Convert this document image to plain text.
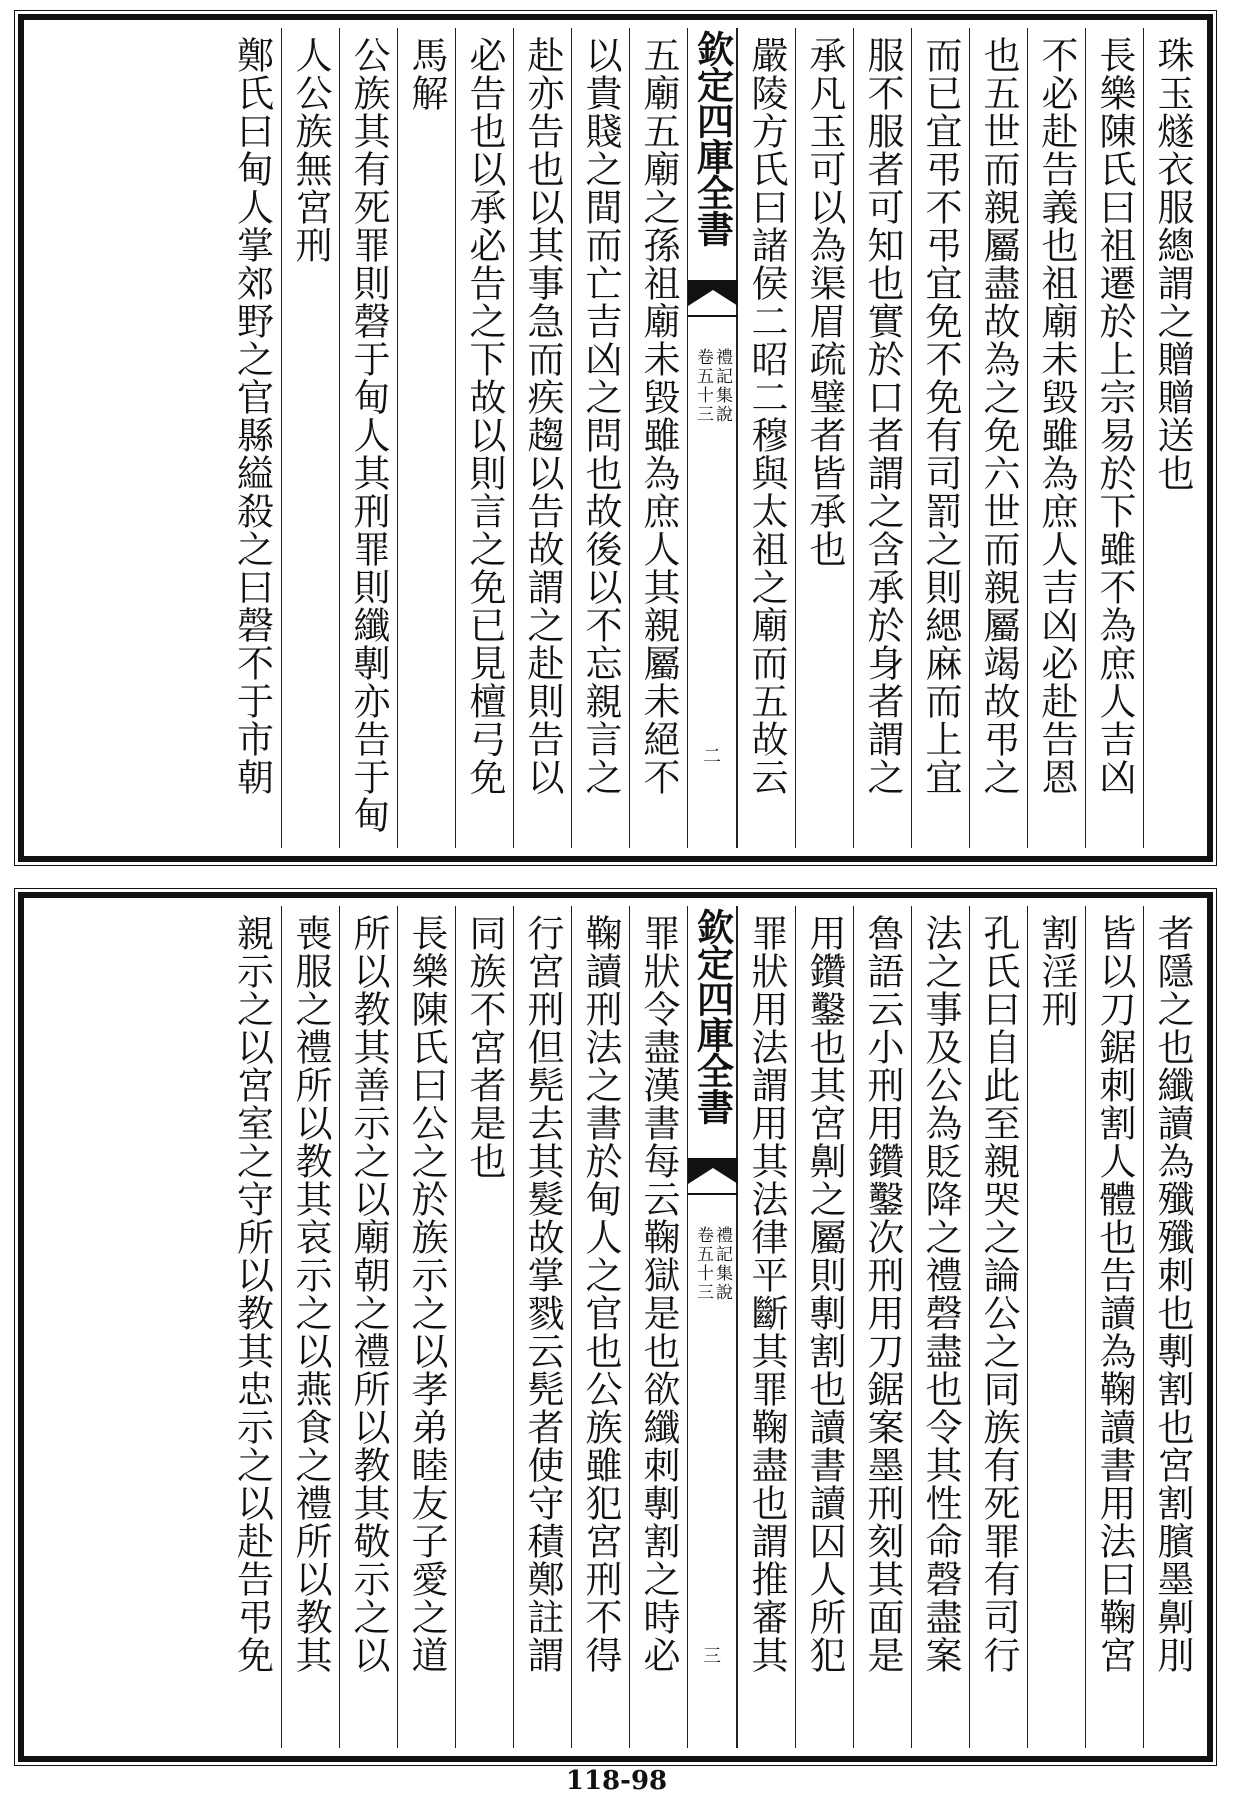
珠玉燧衣服總謂之贈贈送也
長樂陳氏曰祖遷於上宗易於下雖不為庶人吉凶
不必赴告義也祖廟未毀雖為庶人吉凶必赴告恩
也五世而親屬盡故為之免六世而親屬竭故弔之
而已宜弔不弔宜免不免有司罰之則緦麻而上宜
服不服者可知也實於口者謂之含承於身者謂之
承凡玉可以為渠眉疏璧者皆承也
嚴陵方氏曰諸侯二昭二穆與太祖之廟而五故云
欽定四庫全書
禮記集說
卷五十三
二
五廟五廟之孫祖廟未毀雖為庶人其親屬未絕不
以貴賤之間而亡吉凶之問也故後以不忘親言之
赴亦告也以其事急而疾趨以告故謂之赴則告以
必告也以承必告之下故以則言之免已見檀弓免
馬解
公族其有死罪則磬于甸人其刑罪則纖剸亦告于甸
人公族無宮刑
鄭氏曰甸人掌郊野之官縣縊殺之曰磬不于市朝
者隱之也纖讀為殲殲刺也剸割也宮割臏墨劓刖
皆以刀鋸刺割人體也告讀為鞠讀書用法曰鞠宮
割淫刑
孔氏曰自此至親哭之論公之同族有死罪有司行
法之事及公為貶降之禮磬盡也令其性命磬盡案
魯語云小刑用鑽鑿次刑用刀鋸案墨刑刻其面是
用鑽鑿也其宮劓之屬則剸割也讀書讀囚人所犯
罪狀用法謂用其法律平斷其罪鞠盡也謂推審其
欽定四庫全書
禮記集說
卷五十三
三
罪狀令盡漢書每云鞠獄是也欲纖刺剸割之時必
鞠讀刑法之書於甸人之官也公族雖犯宮刑不得
行宮刑但髡去其髮故掌戮云髡者使守積鄭註謂
同族不宮者是也
長樂陳氏曰公之於族示之以孝弟睦友子愛之道
所以教其善示之以廟朝之禮所以教其敬示之以
喪服之禮所以教其哀示之以燕食之禮所以教其
親示之以宮室之守所以教其忠示之以赴告弔免
118-98
